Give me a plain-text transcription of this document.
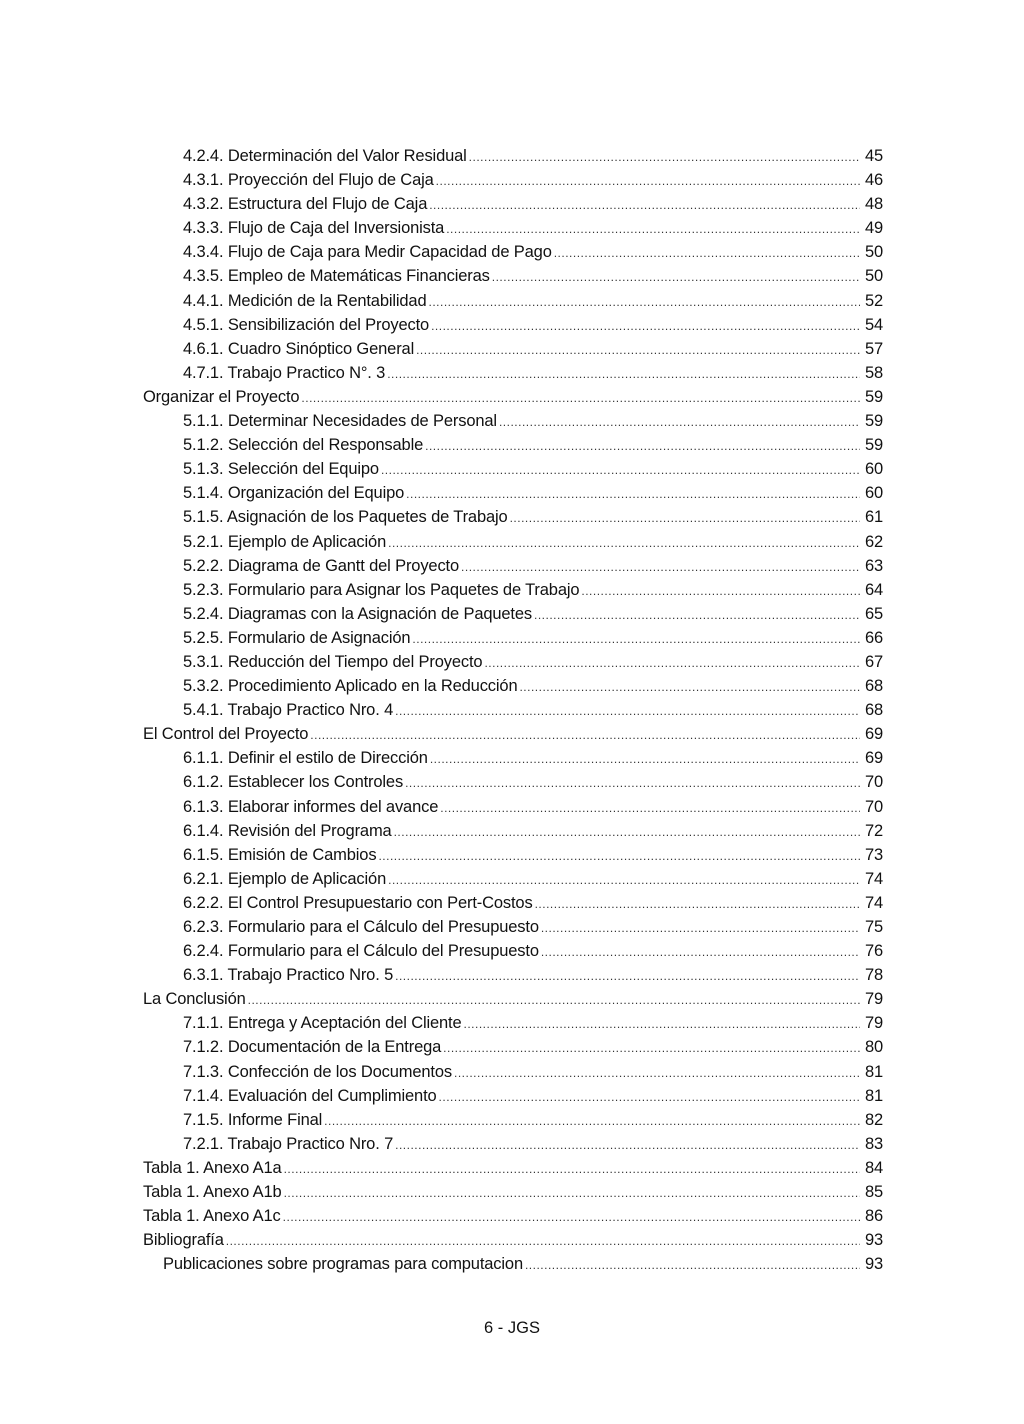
4.2.4. Determinación del Valor Residual .....	45
4.3.1. Proyección del Flujo de Caja .....	46
4.3.2. Estructura del Flujo de Caja .....	48
4.3.3. Flujo de Caja del Inversionista .....	49
4.3.4. Flujo de Caja para Medir Capacidad de Pago .....	50
4.3.5. Empleo de Matemáticas Financieras .....	50
4.4.1. Medición de la Rentabilidad .....	52
4.5.1. Sensibilización del Proyecto .....	54
4.6.1. Cuadro Sinóptico General .....	57
4.7.1. Trabajo Practico N°. 3 .....	58
Organizar el Proyecto .....	59
5.1.1. Determinar Necesidades de Personal .....	59
5.1.2. Selección del Responsable .....	59
5.1.3. Selección del Equipo .....	60
5.1.4. Organización del Equipo .....	60
5.1.5. Asignación de los Paquetes de Trabajo .....	61
5.2.1. Ejemplo de Aplicación .....	62
5.2.2. Diagrama de Gantt del Proyecto .....	63
5.2.3. Formulario para Asignar los Paquetes de Trabajo .....	64
5.2.4. Diagramas con la Asignación de Paquetes .....	65
5.2.5. Formulario de Asignación .....	66
5.3.1. Reducción del Tiempo del Proyecto .....	67
5.3.2. Procedimiento Aplicado en la Reducción .....	68
5.4.1. Trabajo Practico Nro. 4 .....	68
El Control del Proyecto .....	69
6.1.1. Definir el estilo de Dirección .....	69
6.1.2. Establecer los Controles .....	70
6.1.3. Elaborar informes del avance .....	70
6.1.4. Revisión del Programa .....	72
6.1.5. Emisión de Cambios .....	73
6.2.1. Ejemplo de Aplicación .....	74
6.2.2. El Control Presupuestario con Pert-Costos .....	74
6.2.3. Formulario para el Cálculo del Presupuesto .....	75
6.2.4. Formulario para el Cálculo del Presupuesto .....	76
6.3.1. Trabajo Practico Nro. 5 .....	78
La Conclusión .....	79
7.1.1. Entrega y Aceptación del Cliente .....	79
7.1.2. Documentación de la Entrega .....	80
7.1.3. Confección de los Documentos .....	81
7.1.4. Evaluación del Cumplimiento .....	81
7.1.5. Informe Final .....	82
7.2.1. Trabajo Practico Nro. 7 .....	83
Tabla 1. Anexo A1a .....	84
Tabla 1. Anexo A1b .....	85
Tabla 1. Anexo A1c .....	86
Bibliografía .....	93
Publicaciones sobre programas para computacion .....	93
6 - JGS
